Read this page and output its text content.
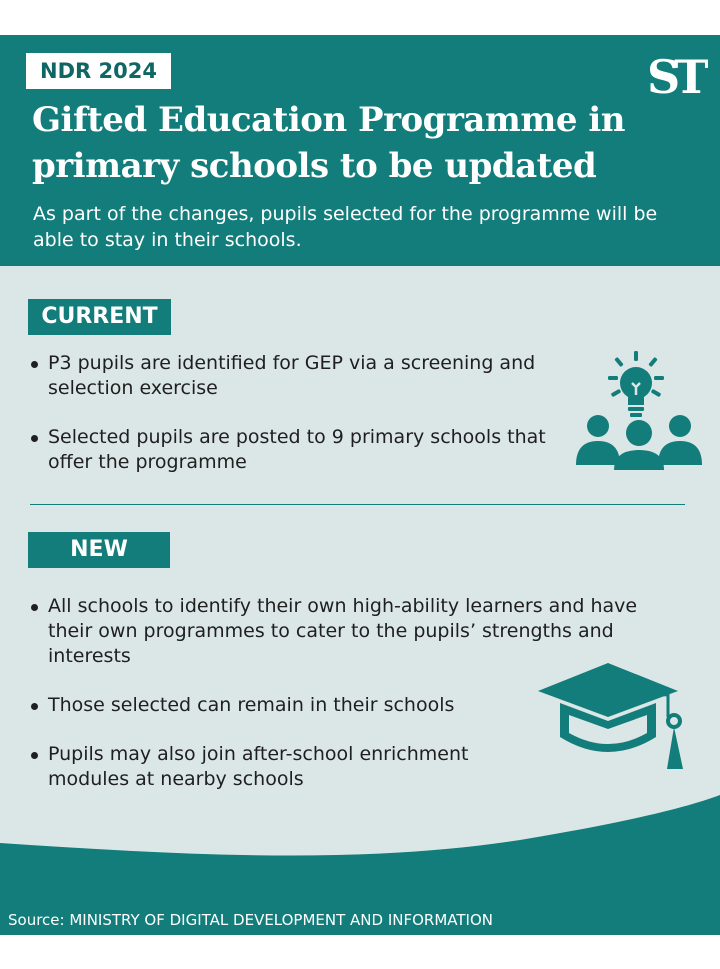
NDR 2024	ST
Gifted Education Programme in primary schools to be updated

As part of the changes, pupils selected for the programme will be able to stay in their schools.

CURRENT
P3 pupils are identified for GEP via a screening and selection exercise
Selected pupils are posted to 9 primary schools that offer the programme
NEW
All schools to identify their own high-ability learners and have their own programmes to cater to the pupils’ strengths and interests
Those selected can remain in their schools
Pupils may also join after-school enrichment modules at nearby schools
Source: MINISTRY OF DIGITAL DEVELOPMENT AND INFORMATION
